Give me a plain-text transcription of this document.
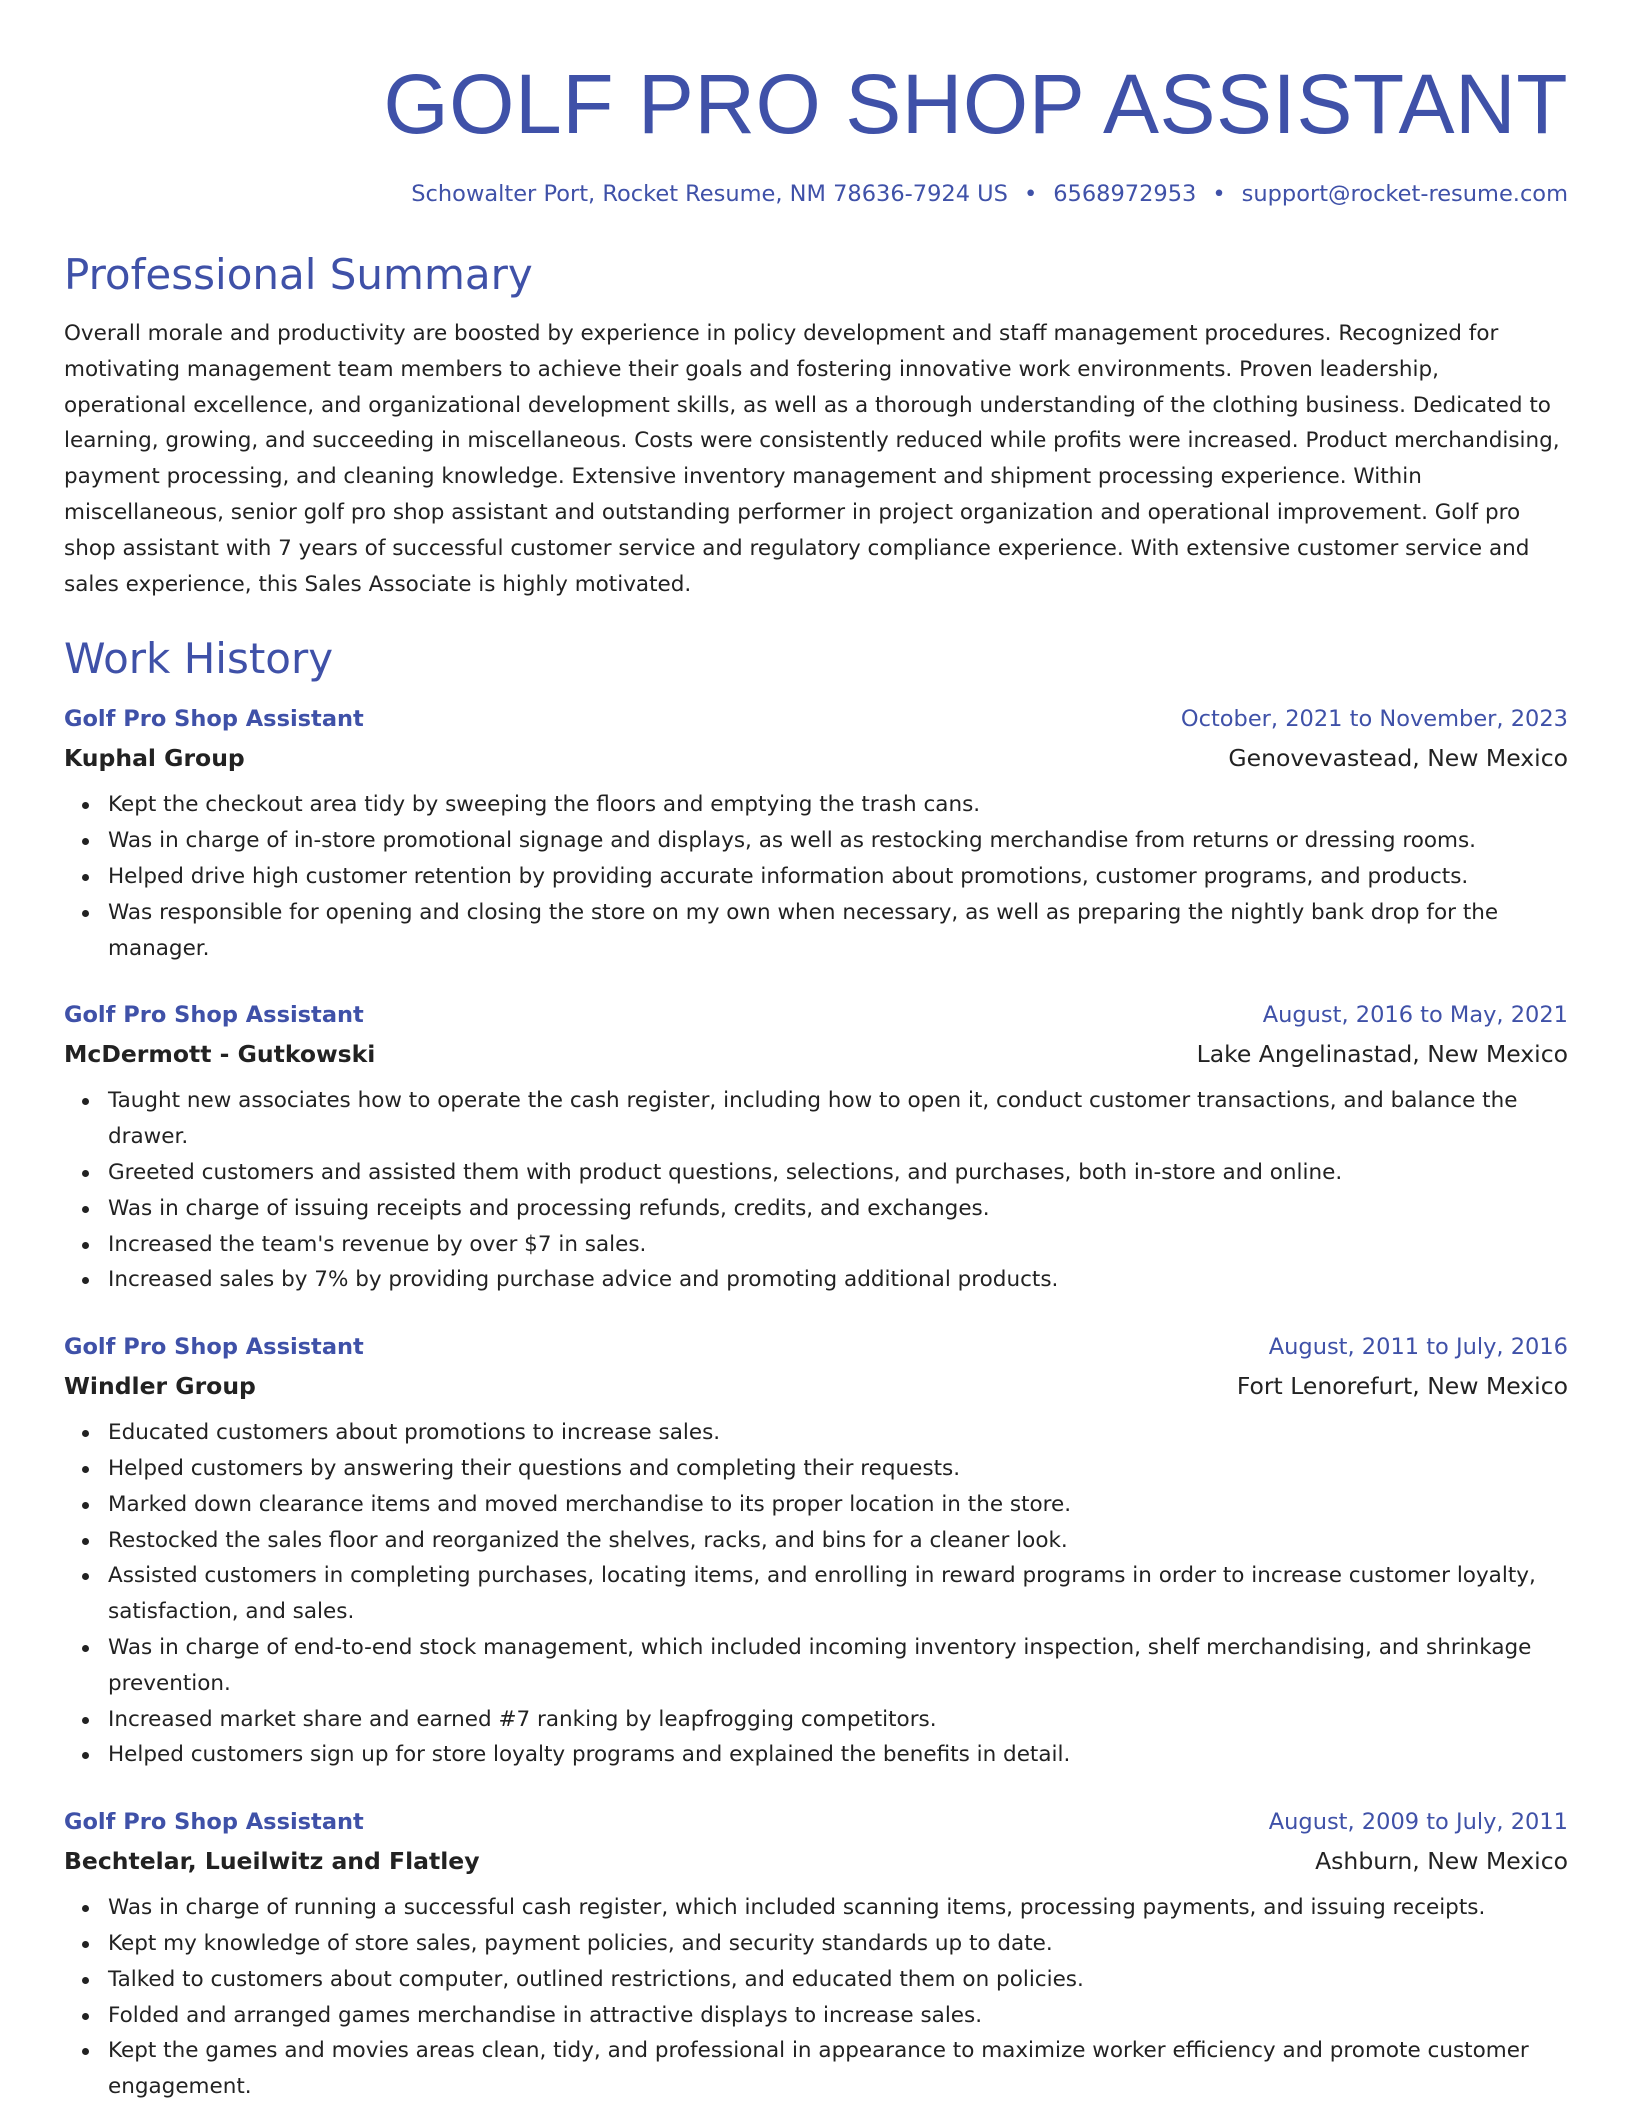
GOLF PRO SHOP ASSISTANT
Schowalter Port, Rocket Resume, NM 78636-7924 US • 6568972953 • support@rocket-resume.com
Professional Summary

Overall morale and productivity are boosted by experience in policy development and staff management procedures. Recognized for motivating management team members to achieve their goals and fostering innovative work environments. Proven leadership, operational excellence, and organizational development skills, as well as a thorough understanding of the clothing business. Dedicated to learning, growing, and succeeding in miscellaneous. Costs were consistently reduced while profits were increased. Product merchandising, payment processing, and cleaning knowledge. Extensive inventory management and shipment processing experience. Within miscellaneous, senior golf pro shop assistant and outstanding performer in project organization and operational improvement. Golf pro shop assistant with 7 years of successful customer service and regulatory compliance experience. With extensive customer service and sales experience, this Sales Associate is highly motivated.

Work History
Golf Pro Shop Assistant	October, 2021 to November, 2023
Kuphal Group	Genovevastead, New Mexico
Kept the checkout area tidy by sweeping the floors and emptying the trash cans.
Was in charge of in-store promotional signage and displays, as well as restocking merchandise from returns or dressing rooms.
Helped drive high customer retention by providing accurate information about promotions, customer programs, and products.
Was responsible for opening and closing the store on my own when necessary, as well as preparing the nightly bank drop for the manager.
Golf Pro Shop Assistant	August, 2016 to May, 2021
McDermott - Gutkowski	Lake Angelinastad, New Mexico
Taught new associates how to operate the cash register, including how to open it, conduct customer transactions, and balance the drawer.
Greeted customers and assisted them with product questions, selections, and purchases, both in-store and online.
Was in charge of issuing receipts and processing refunds, credits, and exchanges.
Increased the team's revenue by over $7 in sales.
Increased sales by 7% by providing purchase advice and promoting additional products.
Golf Pro Shop Assistant	August, 2011 to July, 2016
Windler Group	Fort Lenorefurt, New Mexico
Educated customers about promotions to increase sales.
Helped customers by answering their questions and completing their requests.
Marked down clearance items and moved merchandise to its proper location in the store.
Restocked the sales floor and reorganized the shelves, racks, and bins for a cleaner look.
Assisted customers in completing purchases, locating items, and enrolling in reward programs in order to increase customer loyalty, satisfaction, and sales.
Was in charge of end-to-end stock management, which included incoming inventory inspection, shelf merchandising, and shrinkage prevention.
Increased market share and earned #7 ranking by leapfrogging competitors.
Helped customers sign up for store loyalty programs and explained the benefits in detail.
Golf Pro Shop Assistant	August, 2009 to July, 2011
Bechtelar, Lueilwitz and Flatley	Ashburn, New Mexico
Was in charge of running a successful cash register, which included scanning items, processing payments, and issuing receipts.
Kept my knowledge of store sales, payment policies, and security standards up to date.
Talked to customers about computer, outlined restrictions, and educated them on policies.
Folded and arranged games merchandise in attractive displays to increase sales.
Kept the games and movies areas clean, tidy, and professional in appearance to maximize worker efficiency and promote customer engagement.
